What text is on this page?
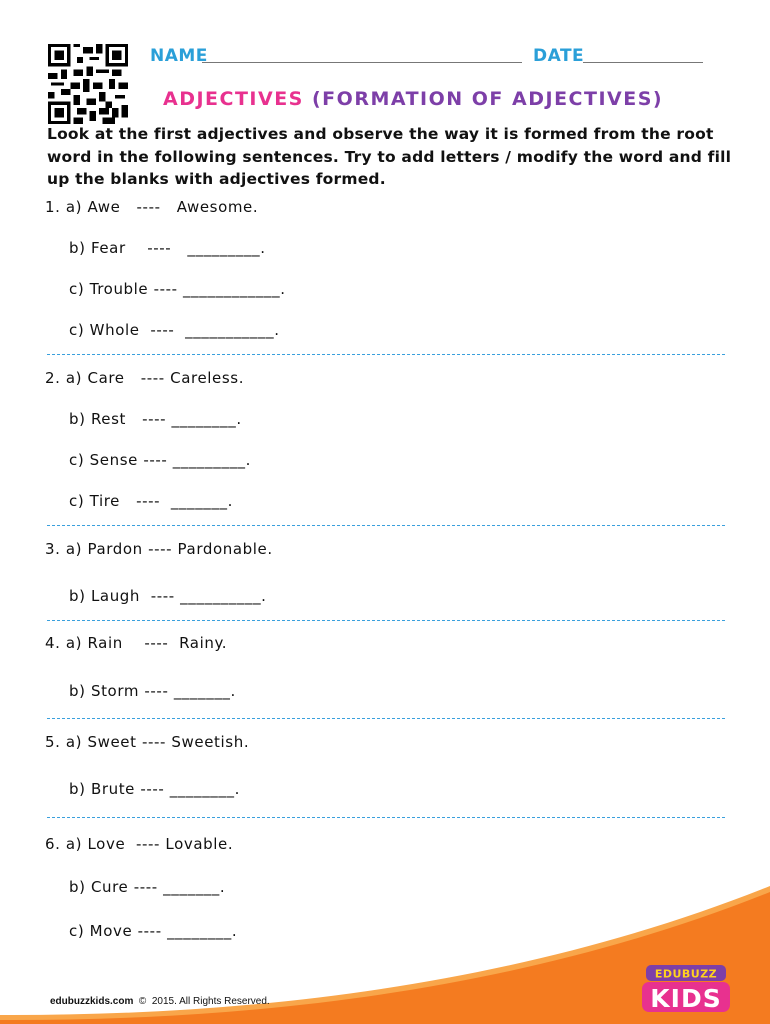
NAME	DATE
ADJECTIVES (FORMATION OF ADJECTIVES)
Look at the first adjectives and observe the way it is formed from the root word in the following sentences. Try to add letters / modify the word and fill up the blanks with adjectives formed.
1. a) Awe   ----   Awesome.
b) Fear    ----   _________.
c) Trouble ---- ____________.
c) Whole  ----  ___________.
2. a) Care   ---- Careless.
b) Rest   ---- ________.
c) Sense ---- _________.
c) Tire   ----  _______.
3. a) Pardon ---- Pardonable.
b) Laugh  ---- __________.
4. a) Rain    ----  Rainy.
b) Storm ---- _______.
5. a) Sweet ---- Sweetish.
b) Brute ---- ________.
6. a) Love  ---- Lovable.
b) Cure ---- _______.
c) Move ---- ________.
edubuzzkids.com © 2015. All Rights Reserved.
EDUBUZZ
KIDS
